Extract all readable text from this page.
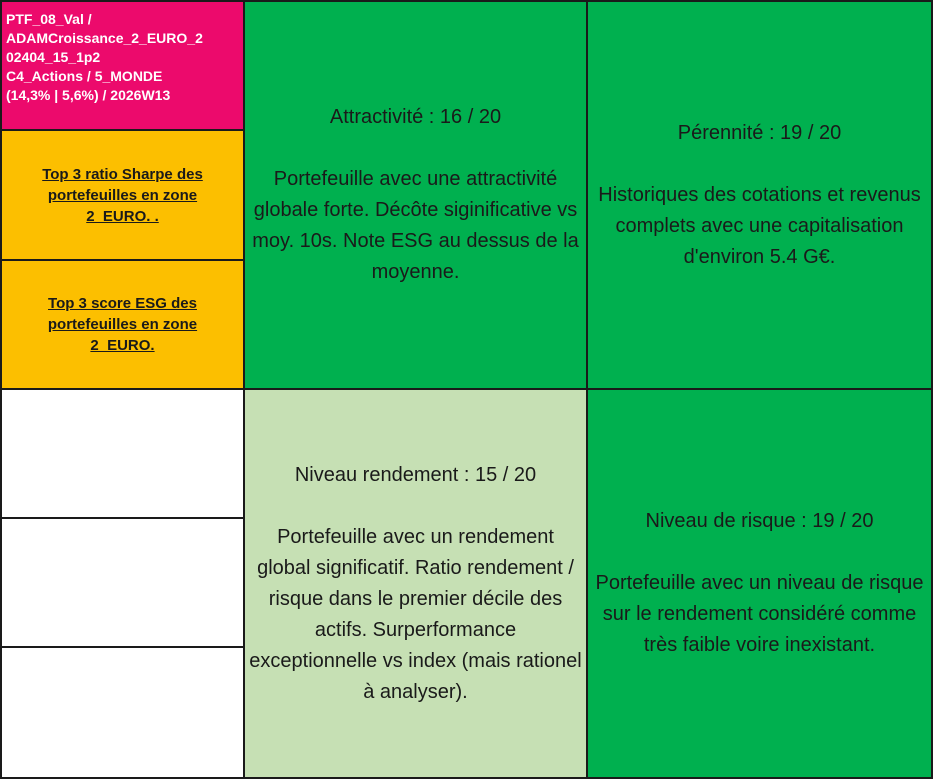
PTF_08_Val /
ADAMCroissance_2_EURO_2
02404_15_1p2
C4_Actions / 5_MONDE
(14,3% | 5,6%) / 2026W13
Top 3 ratio Sharpe des portefeuilles en zone 2_EURO. .
Top 3 score ESG des portefeuilles en zone 2_EURO.
Attractivité : 16 / 20
Portefeuille avec une attractivité globale forte. Décôte siginificative vs moy. 10s. Note ESG au dessus de la moyenne.
Pérennité : 19 / 20
Historiques des cotations et revenus complets avec une capitalisation d'environ 5.4 G€.
Niveau rendement : 15 / 20
Portefeuille avec un rendement global significatif. Ratio rendement / risque dans le premier décile des actifs. Surperformance exceptionnelle vs index (mais rationel à analyser).
Niveau de risque : 19 / 20
Portefeuille avec un niveau de risque sur le rendement considéré comme très faible voire inexistant.
